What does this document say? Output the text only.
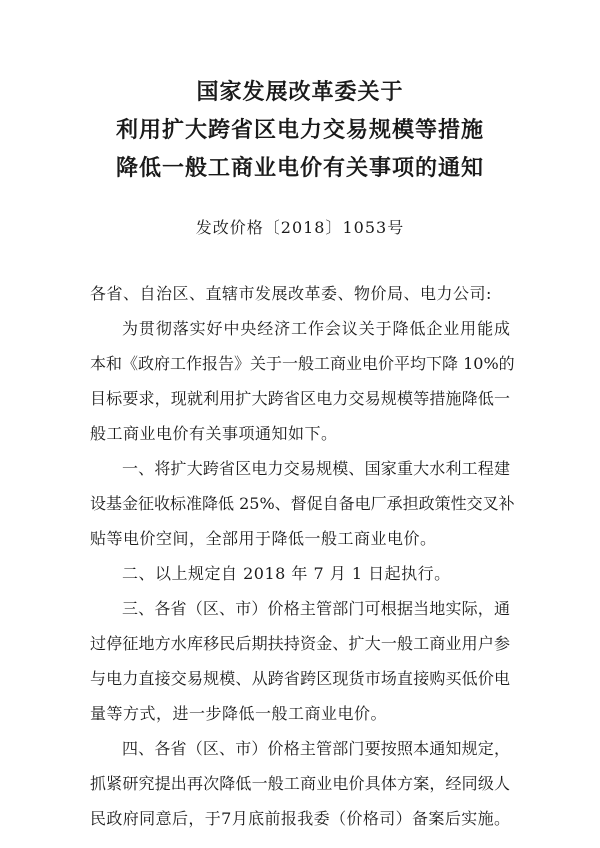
国家发展改革委关于
利用扩大跨省区电力交易规模等措施
降低一般工商业电价有关事项的通知
发改价格〔2018〕1053号
各省、自治区、直辖市发展改革委、物价局、电力公司:
为贯彻落实好中央经济工作会议关于降低企业用能成
本和《政府工作报告》关于一般工商业电价平均下降 10%的
目标要求，现就利用扩大跨省区电力交易规模等措施降低一
般工商业电价有关事项通知如下。
一、将扩大跨省区电力交易规模、国家重大水利工程建
设基金征收标准降低 25%、督促自备电厂承担政策性交叉补
贴等电价空间，全部用于降低一般工商业电价。
二、以上规定自 2018 年 7 月 1 日起执行。
三、各省（区、市）价格主管部门可根据当地实际，通
过停征地方水库移民后期扶持资金、扩大一般工商业用户参
与电力直接交易规模、从跨省跨区现货市场直接购买低价电
量等方式，进一步降低一般工商业电价。
四、各省（区、市）价格主管部门要按照本通知规定，
抓紧研究提出再次降低一般工商业电价具体方案，经同级人
民政府同意后，于7月底前报我委（价格司）备案后实施。
